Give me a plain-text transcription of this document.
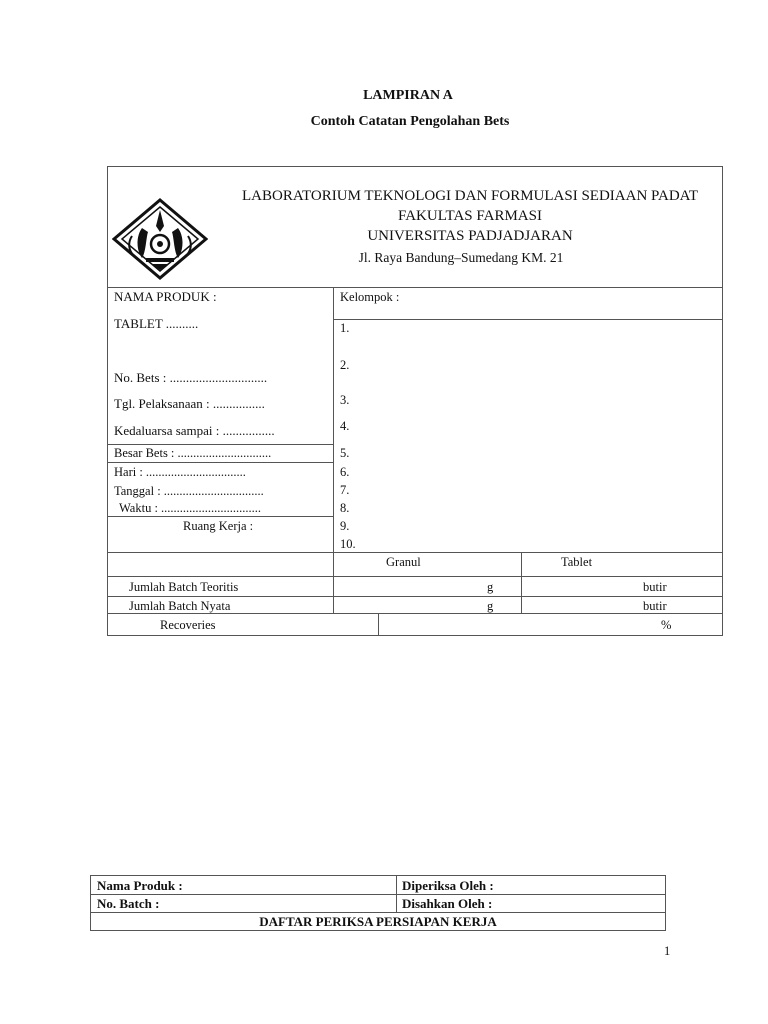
LAMPIRAN A
Contoh Catatan Pengolahan Bets
LABORATORIUM TEKNOLOGI DAN FORMULASI SEDIAAN PADAT
FAKULTAS FARMASI
UNIVERSITAS PADJADJARAN
Jl. Raya Bandung–Sumedang KM. 21
NAMA PRODUK :
TABLET ..........
No. Bets : ..............................
Tgl. Pelaksanaan : ................
Kedaluarsa sampai : ................
Besar Bets : ..............................
Hari : ................................
Tanggal : ................................
Waktu : ................................
Ruang Kerja :
Kelompok :
1.
2.
3.
4.
5.
6.
7.
8.
9.
10.
Granul	Tablet
Jumlah Batch Teoritis	g	butir
Jumlah Batch Nyata	g	butir
Recoveries	%
Nama Produk :	Diperiksa Oleh :
No. Batch :	Disahkan Oleh :
DAFTAR PERIKSA PERSIAPAN KERJA
1
